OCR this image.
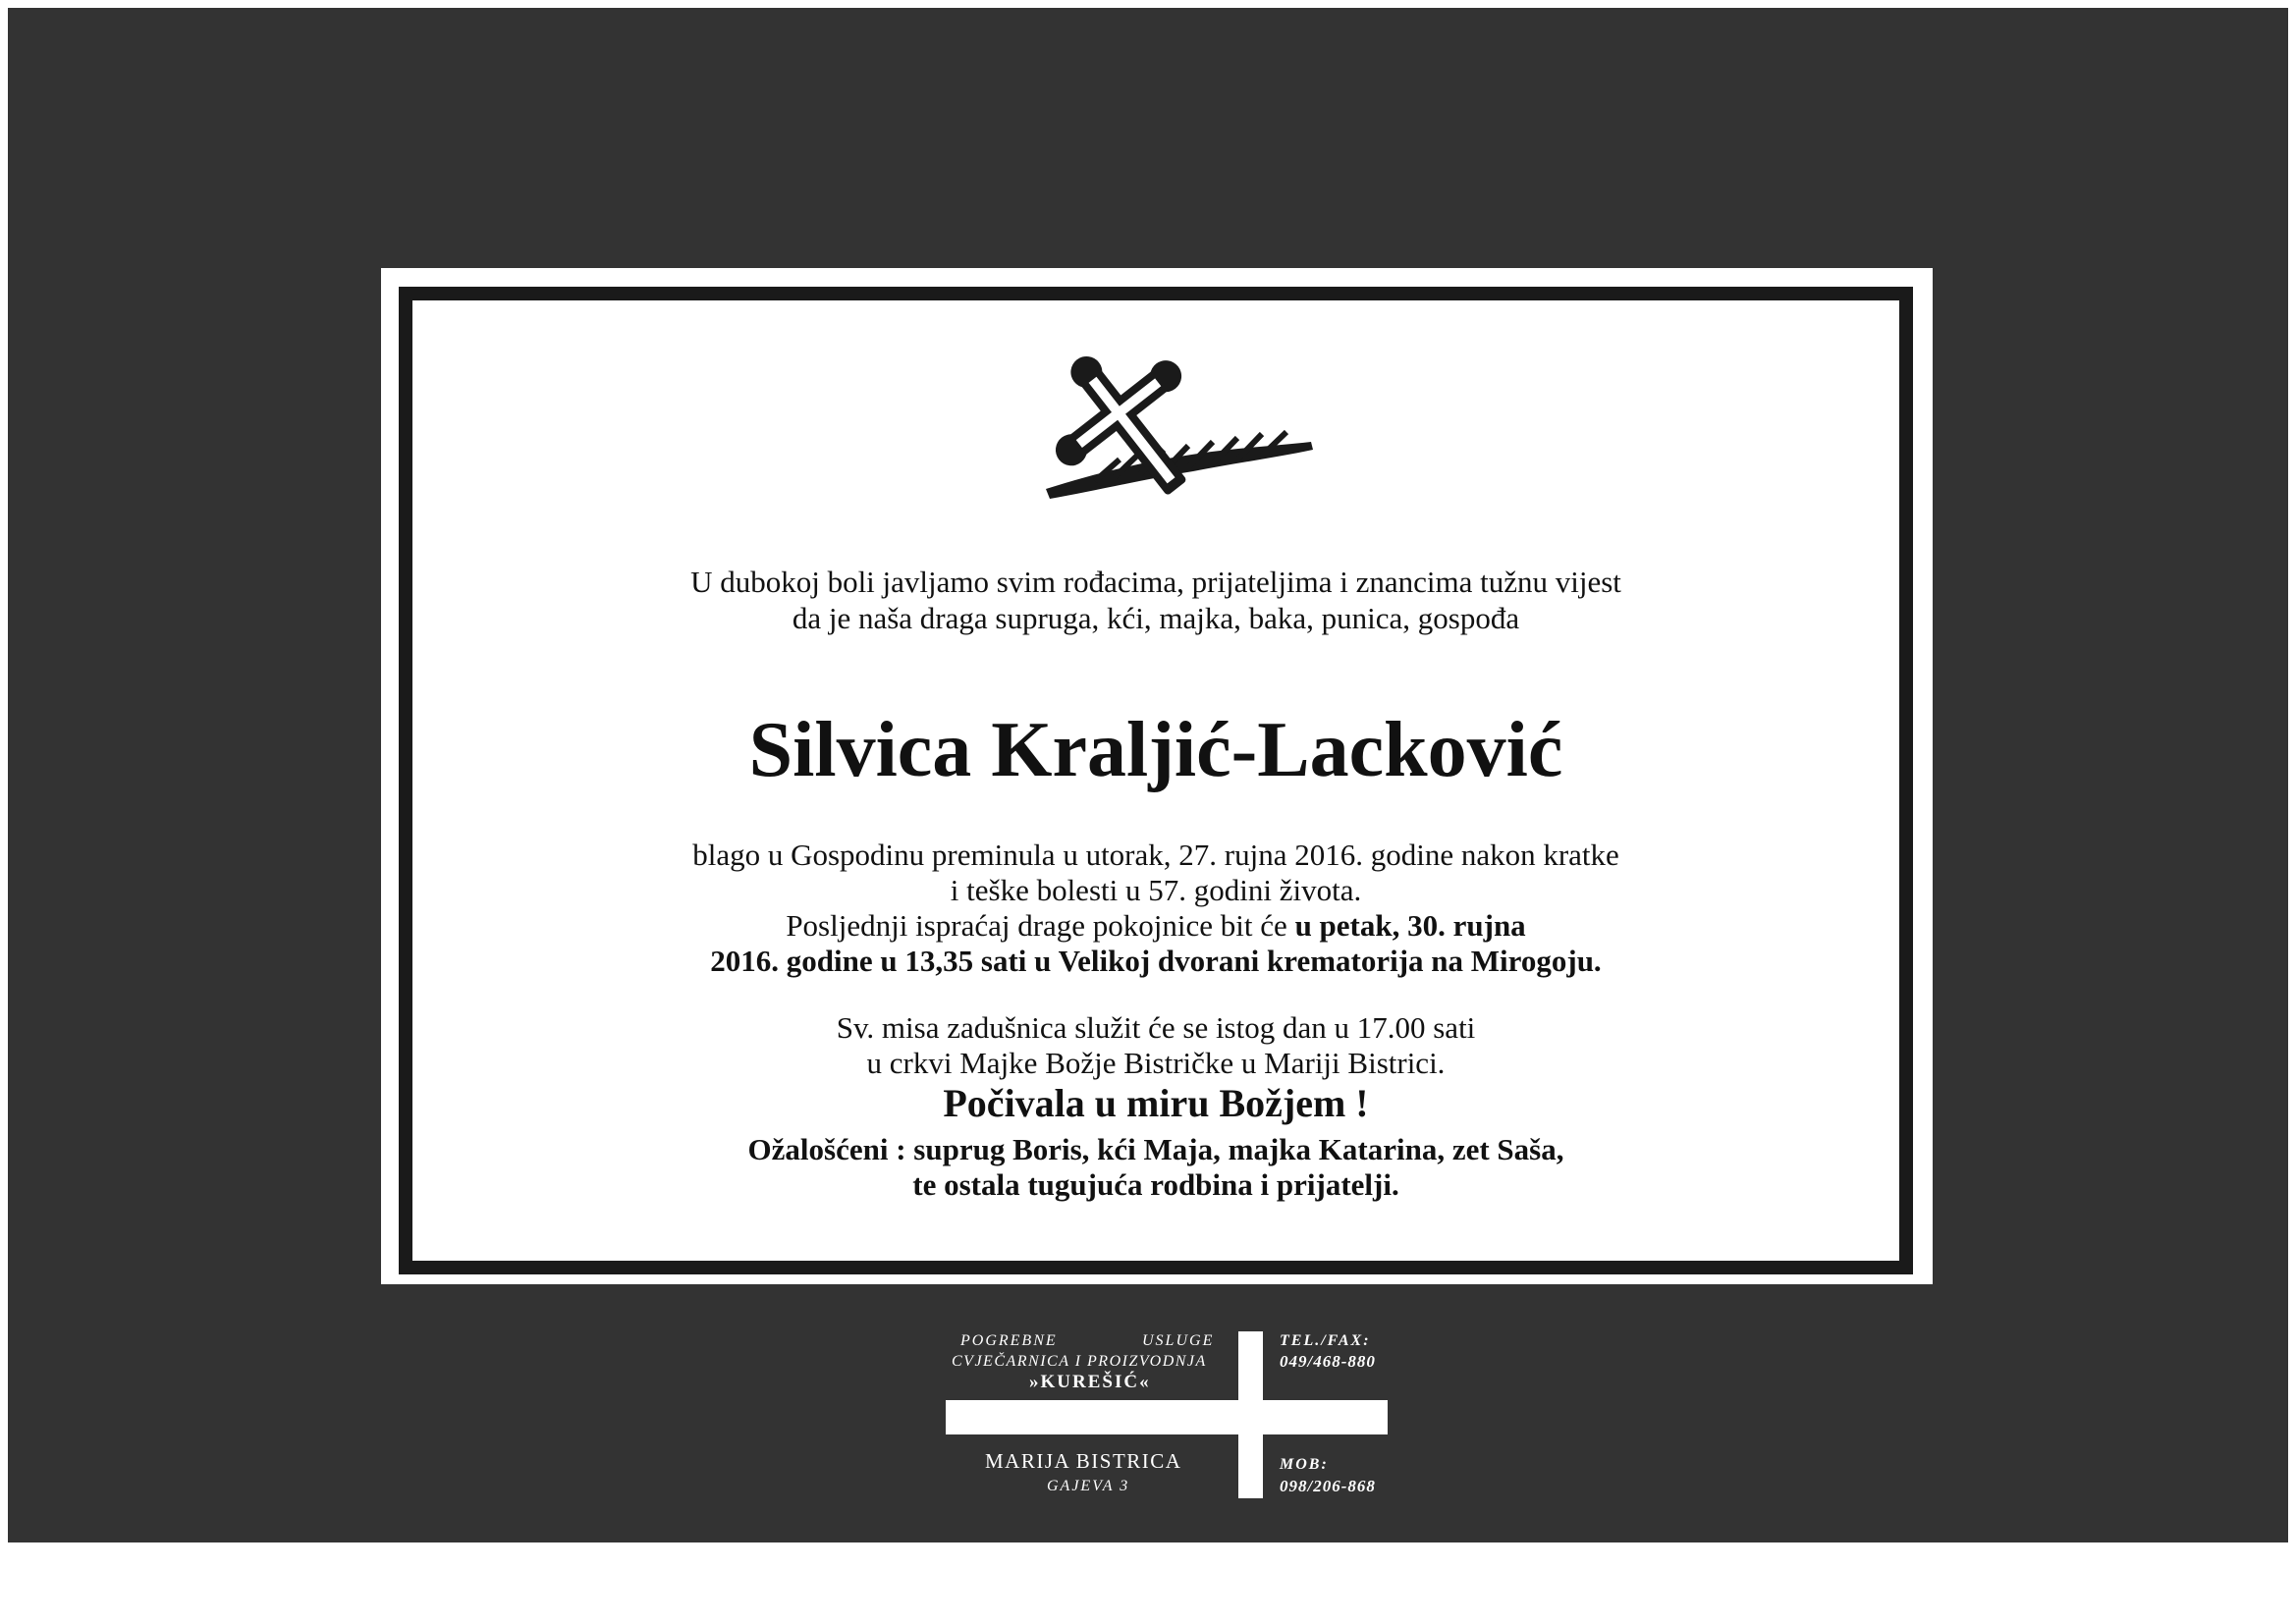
U dubokoj boli javljamo svim rođacima, prijateljima i znancima tužnu vijest
da je naša draga supruga, kći, majka, baka, punica, gospođa
Silvica Kraljić-Lacković
blago u Gospodinu preminula u utorak, 27. rujna 2016. godine nakon kratke
i teške bolesti u 57. godini života.
Posljednji ispraćaj drage pokojnice bit će u petak, 30. rujna
2016. godine u 13,35 sati u Velikoj dvorani krematorija na Mirogoju.
Sv. misa zadušnica služit će se istog dan u 17.00 sati
u crkvi Majke Božje Bistričke u Mariji Bistrici.
Počivala u miru Božjem !
Ožalošćeni : suprug Boris, kći Maja, majka Katarina, zet Saša,
te ostala tugujuća rodbina i prijatelji.
POGREBNE	USLUGE
CVJEČARNICA I PROIZVODNJA
»KUREŠIĆ«
TEL./FAX:
049/468-880
MARIJA BISTRICA
GAJEVA 3
MOB:
098/206-868
